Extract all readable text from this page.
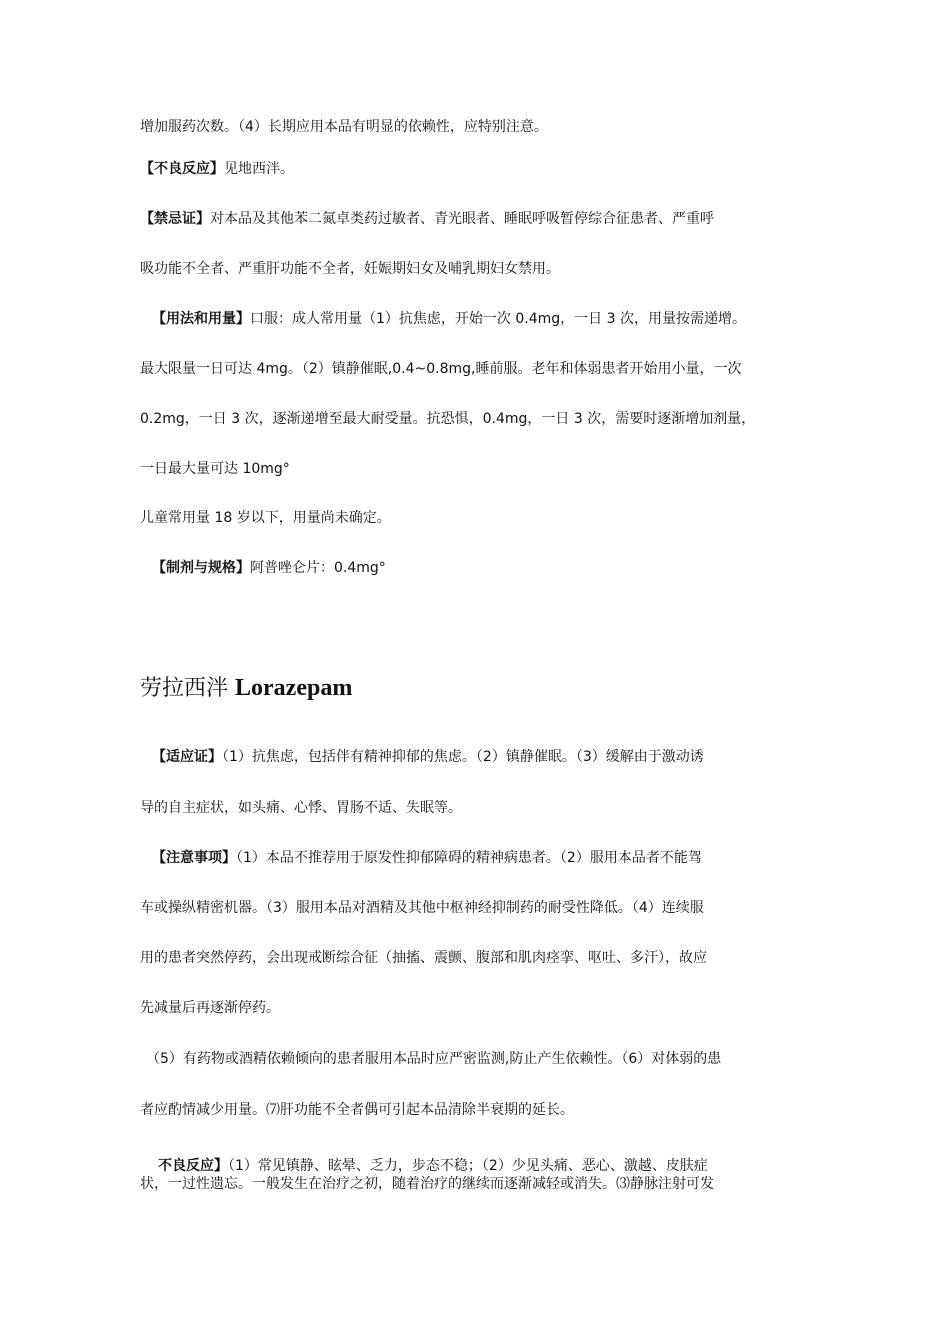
增加服药次数。（4）长期应用本品有明显的依赖性，应特别注意。
【不良反应】见地西泮。
【禁忌证】对本品及其他苯二氮卓类药过敏者、青光眼者、睡眠呼吸暂停综合征患者、严重呼
吸功能不全者、严重肝功能不全者，妊娠期妇女及哺乳期妇女禁用。
【用法和用量】口服：成人常用量（1）抗焦虑，开始一次 0.4mg，一日 3 次，用量按需递增。
最大限量一日可达 4mg。（2）镇静催眠,0.4~0.8mg,睡前服。老年和体弱患者开始用小量，一次
0.2mg，一日 3 次，逐渐递增至最大耐受量。抗恐惧，0.4mg，一日 3 次，需要时逐渐增加剂量，
一日最大量可达 10mg°
儿童常用量 18 岁以下，用量尚未确定。
【制剂与规格】阿普唑仑片：0.4mg°
劳拉西泮 Lorazepam
【适应证】（1）抗焦虑，包括伴有精神抑郁的焦虑。（2）镇静催眠。（3）缓解由于激动诱
导的自主症状，如头痛、心悸、胃肠不适、失眠等。
【注意事项】（1）本品不推荐用于原发性抑郁障碍的精神病患者。（2）服用本品者不能驾
车或操纵精密机器。（3）服用本品对酒精及其他中枢神经抑制药的耐受性降低。（4）连续服
用的患者突然停药，会出现戒断综合征（抽搐、震颤、腹部和肌肉痉挛、呕吐、多汗），故应
先减量后再逐渐停药。
（5）有药物或酒精依赖倾向的患者服用本品时应严密监测,防止产生依赖性。（6）对体弱的患
者应酌情减少用量。⑺肝功能不全者偶可引起本品清除半衰期的延长。
不良反应】（1）常见镇静、眩晕、乏力，步态不稳；（2）少见头痛、恶心、激越、皮肤症
状，一过性遗忘。一般发生在治疗之初，随着治疗的继续而逐渐减轻或消失。⑶静脉注射可发
